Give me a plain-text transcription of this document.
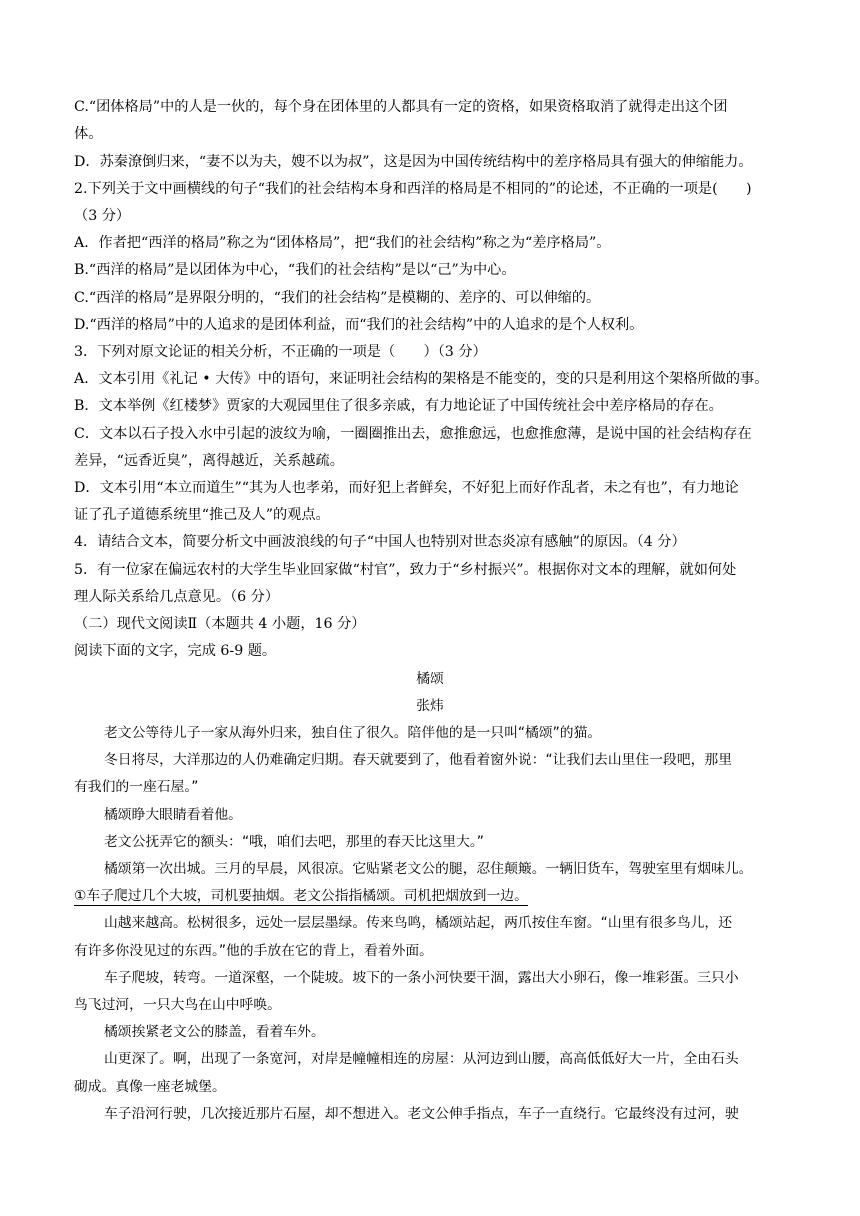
C.“团体格局”中的人是一伙的，每个身在团体里的人都具有一定的资格，如果资格取消了就得走出这个团
体。
D．苏秦潦倒归来，“妻不以为夫，嫂不以为叔”，这是因为中国传统结构中的差序格局具有强大的伸缩能力。
2.下列关于文中画横线的句子“我们的社会结构本身和西洋的格局是不相同的”的论述，不正确的一项是(　　)
（3 分）
A．作者把“西洋的格局”称之为“团体格局”，把“我们的社会结构”称之为“差序格局”。
B.“西洋的格局”是以团体为中心，“我们的社会结构”是以“己”为中心。
C.“西洋的格局”是界限分明的，“我们的社会结构”是模糊的、差序的、可以伸缩的。
D.“西洋的格局”中的人追求的是团体利益，而“我们的社会结构”中的人追求的是个人权利。
3．下列对原文论证的相关分析，不正确的一项是（　　）（3 分）
A．文本引用《礼记 • 大传》中的语句，来证明社会结构的架格是不能变的，变的只是利用这个架格所做的事。
B．文本举例《红楼梦》贾家的大观园里住了很多亲戚，有力地论证了中国传统社会中差序格局的存在。
C．文本以石子投入水中引起的波纹为喻，一圈圈推出去，愈推愈远，也愈推愈薄，是说中国的社会结构存在
差异，“远香近臭”，离得越近，关系越疏。
D．文本引用“本立而道生”“其为人也孝弟，而好犯上者鲜矣，不好犯上而好作乱者，未之有也”，有力地论
证了孔子道德系统里“推己及人”的观点。
4．请结合文本，简要分析文中画波浪线的句子“中国人也特别对世态炎凉有感触”的原因。（4 分）
5．有一位家在偏远农村的大学生毕业回家做“村官”，致力于“乡村振兴”。根据你对文本的理解，就如何处
理人际关系给几点意见。（6 分）
（二）现代文阅读Ⅱ（本题共 4 小题，16 分）
阅读下面的文字，完成 6-9 题。
橘颂
张炜
老文公等待儿子一家从海外归来，独自住了很久。陪伴他的是一只叫“橘颂”的猫。
冬日将尽，大洋那边的人仍难确定归期。春天就要到了，他看着窗外说：“让我们去山里住一段吧，那里
有我们的一座石屋。”
橘颂睁大眼睛看着他。
老文公抚弄它的额头：“哦，咱们去吧，那里的春天比这里大。”
橘颂第一次出城。三月的早晨，风很凉。它贴紧老文公的腿，忍住颠簸。一辆旧货车，驾驶室里有烟味儿。
①车子爬过几个大坡，司机要抽烟。老文公指指橘颂。司机把烟放到一边。
山越来越高。松树很多，远处一层层墨绿。传来鸟鸣，橘颂站起，两爪按住车窗。“山里有很多鸟儿，还
有许多你没见过的东西。”他的手放在它的背上，看着外面。
车子爬坡，转弯。一道深壑，一个陡坡。坡下的一条小河快要干涸，露出大小卵石，像一堆彩蛋。三只小
鸟飞过河，一只大鸟在山中呼唤。
橘颂挨紧老文公的膝盖，看着车外。
山更深了。啊，出现了一条宽河，对岸是幢幢相连的房屋：从河边到山腰，高高低低好大一片，全由石头
砌成。真像一座老城堡。
车子沿河行驶，几次接近那片石屋，却不想进入。老文公伸手指点，车子一直绕行。它最终没有过河，驶
